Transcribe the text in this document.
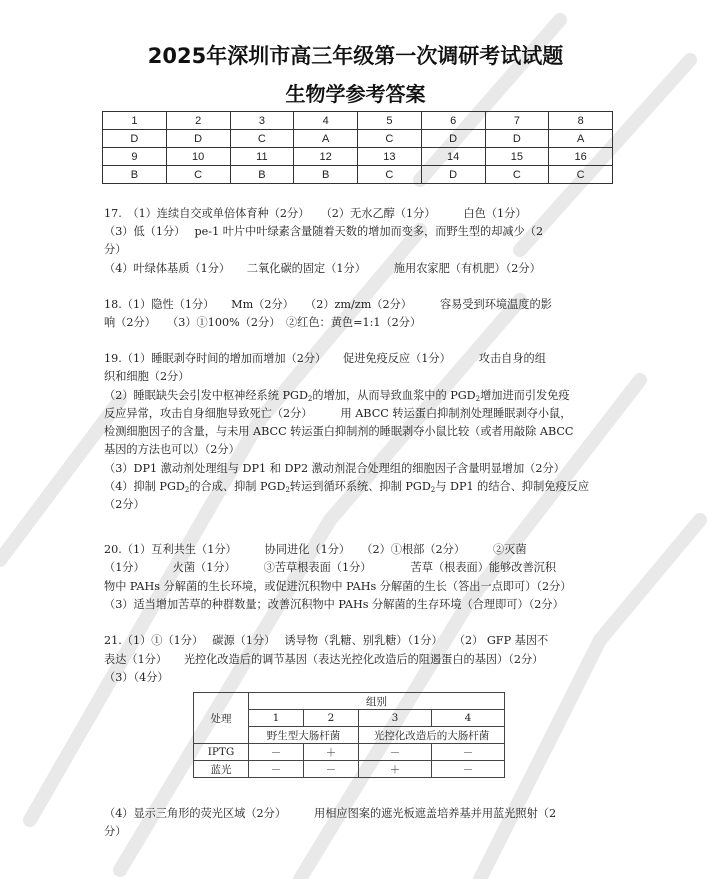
2025年深圳市高三年级第一次调研考试试题
生物学参考答案
1	2	3	4	5	6	7	8
D	D	C	A	C	D	D	A
9	10	11	12	13	14	15	16
B	C	B	B	C	D	C	C
17.　（1）连续自交或单倍体育种（2分）　　（2）无水乙醇（1分）　　　白色（1分）
（3）低（1分）　 pe-1 叶片中叶绿素含量随着天数的增加而变多，而野生型的却减少（2
分）
（4）叶绿体基质（1分）　　二氧化碳的固定（1分）　　　施用农家肥（有机肥）（2分）
18.（1）隐性（1分）　　Mm（2分）　　（2）zm/zm（2分）　　　容易受到环境温度的影
响（2分）　　（3）①100%（2分）　②红色：黄色=1:1（2分）
19.（1）睡眠剥夺时间的增加而增加（2分）　　促进免疫反应（1分）　　　攻击自身的组
织和细胞（2分）
（2）睡眠缺失会引发中枢神经系统 $PGD_2$的增加，从而导致血浆中的 $PGD_2$增加进而引发免疫
反应异常，攻击自身细胞导致死亡（2分）　　　用 ABCC 转运蛋白抑制剂处理睡眠剥夺小鼠，
检测细胞因子的含量，与未用 ABCC 转运蛋白抑制剂的睡眠剥夺小鼠比较（或者用敲除 ABCC
基因的方法也可以）（2分）
（3）DP1 激动剂处理组与 DP1 和 DP2 激动剂混合处理组的细胞因子含量明显增加（2分）
（4）抑制 $PGD_2$的合成、抑制 $PGD_2$转运到循环系统、抑制 $PGD_2$与 DP1 的结合、抑制免疫反应
（2分）
20.（1）互利共生（1分）　　　协同进化（1分）　　（2）①根部（2分）　　　②灭菌
（1分）　　　火菌（1分）　　　③苦草根表面（1分）　　　　苦草（根表面）能够改善沉积
物中 PAHs 分解菌的生长环境，或促进沉积物中 PAHs 分解菌的生长（答出一点即可）（2分）
（3）适当增加苦草的种群数量；改善沉积物中 PAHs 分解菌的生存环境（合理即可）（2分）
21.（1）①（1分）　 碳源（1分）　 诱导物（乳糖、别乳糖）（1分）　　（2） GFP 基因不
表达（1分）　　光控化改造后的调节基因（表达光控化改造后的阻遏蛋白的基因）（2分）
（3）（4分）
处理	组别			
	1	2	3	4
	野生型大肠杆菌		光控化改造后的大肠杆菌	
IPTG	－	＋	－	－
蓝光	－	－	＋	－
（4）显示三角形的荧光区域（2分）　　　用相应图案的遮光板遮盖培养基并用蓝光照射（2
分）
